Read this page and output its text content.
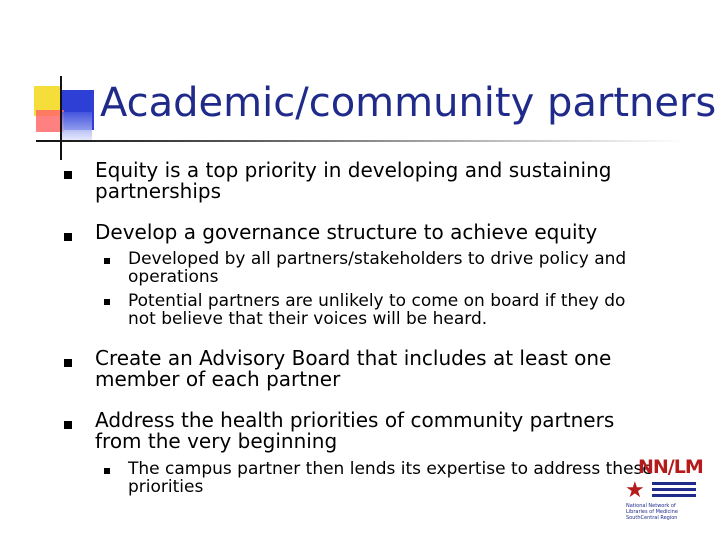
Academic/community partners
Equity is a top priority in developing and sustaining
partnerships
Develop a governance structure to achieve equity
Developed by all partners/stakeholders to drive policy and
operations
Potential partners are unlikely to come on board if they do
not believe that their voices will be heard.
Create an Advisory Board that includes at least one
member of each partner
Address the health priorities of community partners
from the very beginning
The campus partner then lends its expertise to address these
priorities
NN/LM
★
National Network of
Libraries of Medicine
SouthCentral Region
